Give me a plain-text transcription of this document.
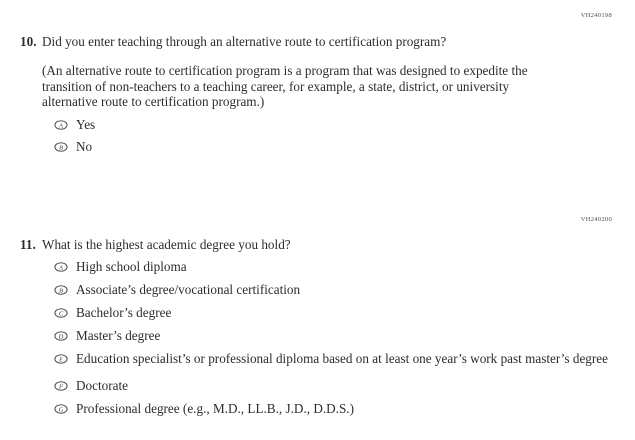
VH240198
10. Did you enter teaching through an alternative route to certification program?
(An alternative route to certification program is a program that was designed to expedite the transition of non-teachers to a teaching career, for example, a state, district, or university alternative route to certification program.)
A Yes
B No
VH240200
11. What is the highest academic degree you hold?
A High school diploma
B Associate’s degree/vocational certification
C Bachelor’s degree
D Master’s degree
E Education specialist’s or professional diploma based on at least one year’s work past master’s degree
F Doctorate
G Professional degree (e.g., M.D., LL.B., J.D., D.D.S.)
